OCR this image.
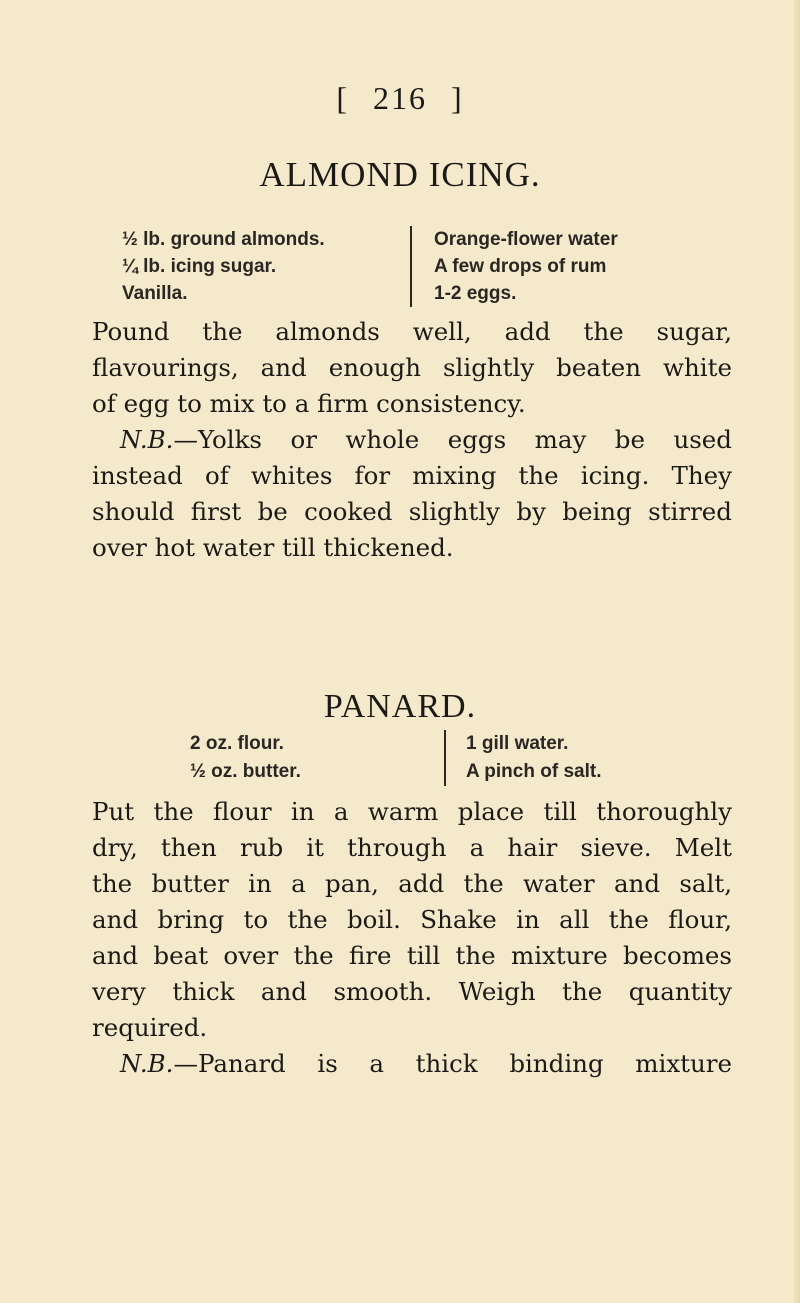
[ 216 ]
ALMOND ICING.
½ lb. ground almonds.
¼ lb. icing sugar.
Vanilla.
Orange-flower water
A few drops of rum
1-2 eggs.

Pound the almonds well, add the sugar,
flavourings, and enough slightly beaten white
of egg to mix to a firm consistency.

N.B.—Yolks or whole eggs may be used
instead of whites for mixing the icing. They
should first be cooked slightly by being stirred
over hot water till thickened.

PANARD.
2 oz. flour.
½ oz. butter.
1 gill water.
A pinch of salt.

Put the flour in a warm place till thoroughly
dry, then rub it through a hair sieve. Melt
the butter in a pan, add the water and salt,
and bring to the boil. Shake in all the flour,
and beat over the fire till the mixture becomes
very thick and smooth. Weigh the quantity
required.

N.B.—Panard is a thick binding mixture
